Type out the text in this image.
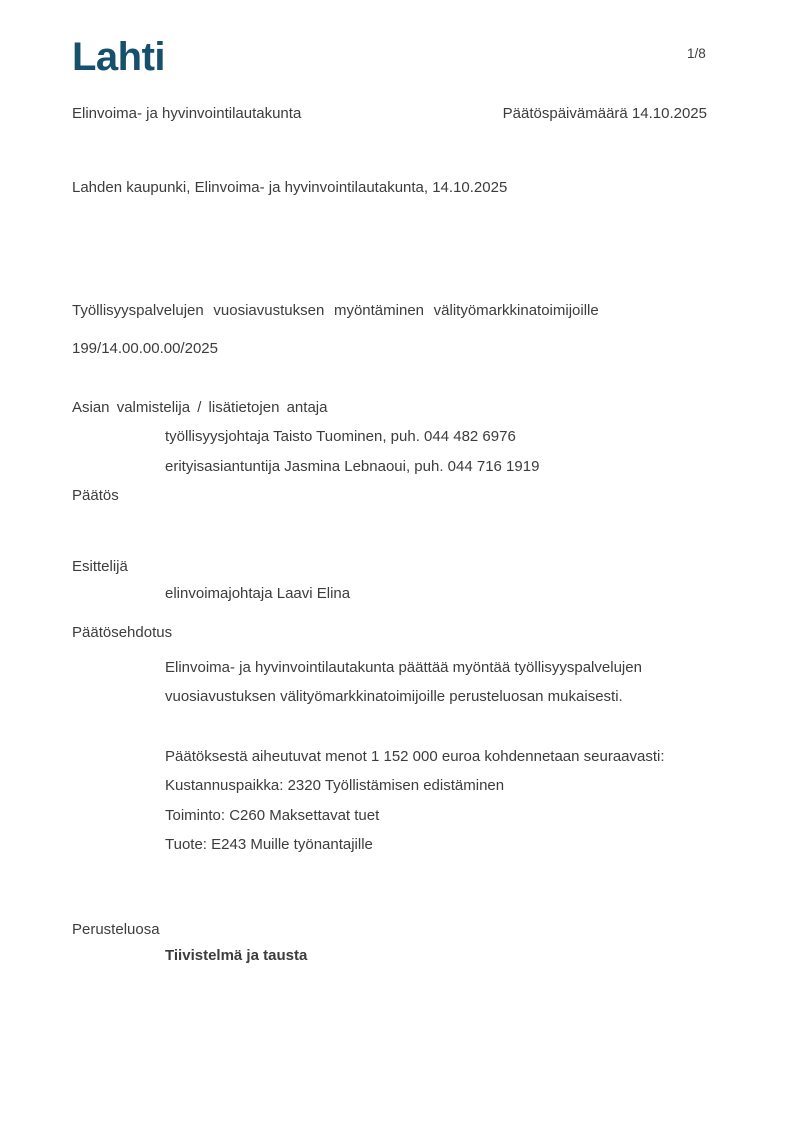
Lahti	1/8
Elinvoima- ja hyvinvointilautakunta	Päätöspäivämäärä 14.10.2025
Lahden kaupunki, Elinvoima- ja hyvinvointilautakunta, 14.10.2025
Työllisyyspalvelujen vuosiavustuksen myöntäminen välityömarkkinatoimijoille
199/14.00.00.00/2025
Asian valmistelija / lisätietojen antaja
työllisyysjohtaja Taisto Tuominen, puh. 044 482 6976
erityisasiantuntija Jasmina Lebnaoui, puh. 044 716 1919
Päätös
Esittelijä
elinvoimajohtaja Laavi Elina
Päätösehdotus
Elinvoima- ja hyvinvointilautakunta päättää myöntää työllisyyspalvelujen vuosiavustuksen välityömarkkinatoimijoille perusteluosan mukaisesti.
Päätöksestä aiheutuvat menot 1 152 000 euroa kohdennetaan seuraavasti:
Kustannuspaikka: 2320 Työllistämisen edistäminen
Toiminto: C260 Maksettavat tuet
Tuote: E243 Muille työnantajille
Perusteluosa
Tiivistelmä ja tausta
